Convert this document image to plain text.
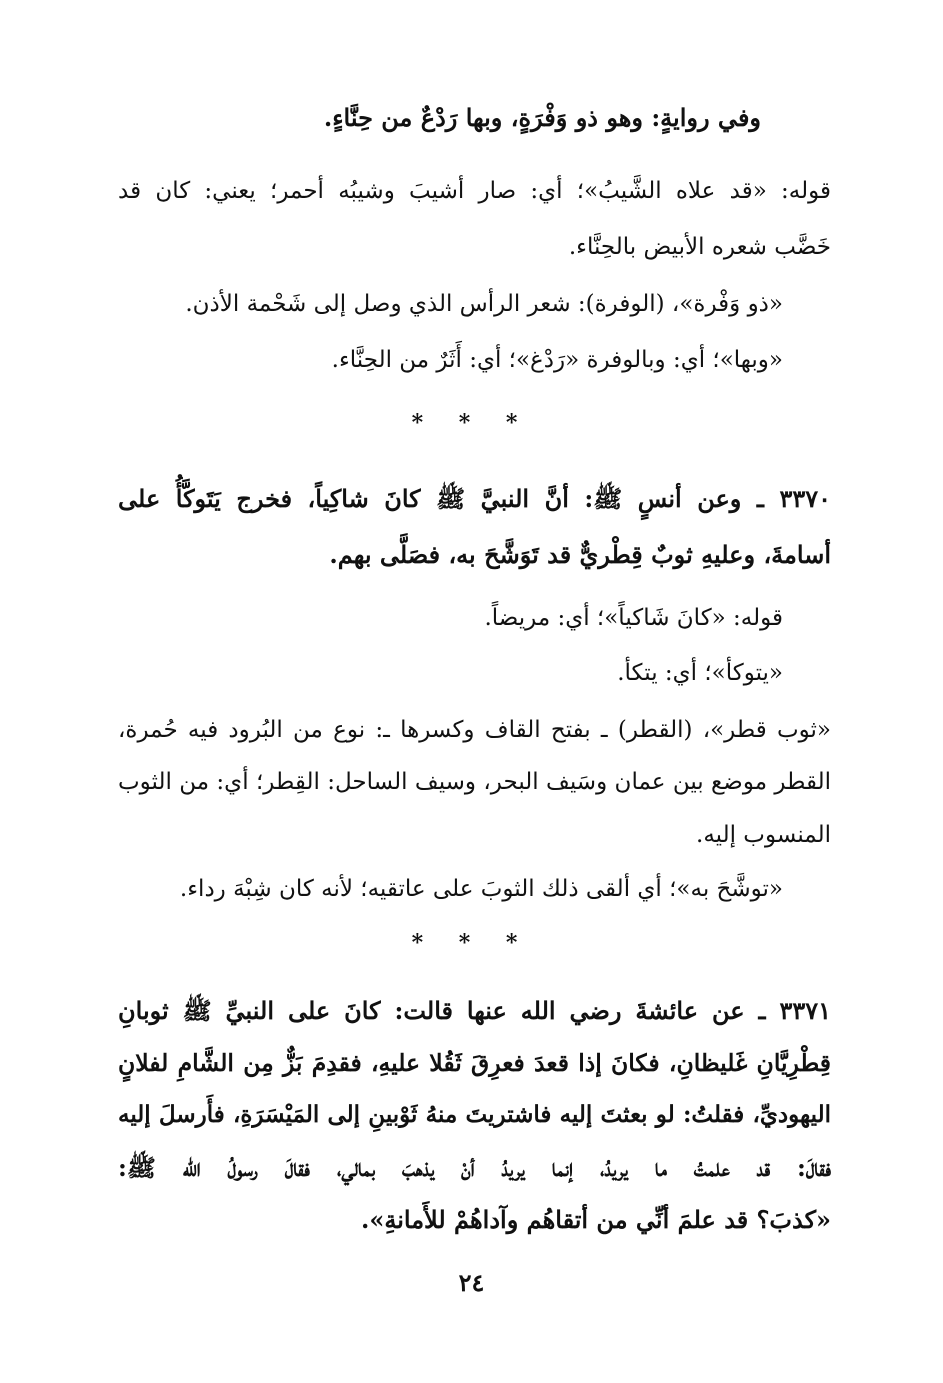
وفي روايةٍ: وهو ذو وَفْرَةٍ، وبها رَدْعٌ من حِنَّاءٍ.
قوله: «قد علاه الشَّيبُ»؛ أي: صار أشيبَ وشيبُه أحمر؛ يعني: كان قد
خَضَّب شعره الأبيض بالحِنَّاء.
«ذو وَفْرة»، (الوفرة): شعر الرأس الذي وصل إلى شَحْمة الأذن.
«وبها»؛ أي: وبالوفرة «رَدْغ»؛ أي: أَثَرٌ من الحِنَّاء.
* * *
٣٣٧٠ ـ وعن أنسٍ ﷺ: أنَّ النبيَّ ﷺ كانَ شاكِياً، فخرج يَتَوكَّأُ على
أسامةَ، وعليهِ ثوبٌ قِطْريٌّ قد تَوَشَّحَ به، فصَلَّى بهم.
قوله: «كانَ شَاكياً»؛ أي: مريضاً.
«يتوكأ»؛ أي: يتكأ.
«ثوب قطر»، (القطر) ـ بفتح القاف وكسرها ـ: نوع من البُرود فيه حُمرة،
القطر موضع بين عمان وسَيف البحر، وسيف الساحل: القِطر؛ أي: من الثوب
المنسوب إليه.
«توشَّحَ به»؛ أي ألقى ذلك الثوبَ على عاتقيه؛ لأنه كان شِبْهَ رداء.
* * *
٣٣٧١ ـ عن عائشةَ رضي الله عنها قالت: كانَ على النبيِّ ﷺ ثوبانِ
قِطْرِيَّانِ غَليظانِ، فكانَ إذا قعدَ فعرِقَ ثَقُلا عليهِ، فقدِمَ بَزٌّ مِن الشَّامِ لفلانٍ
اليهوديِّ، فقلتُ: لو بعثتَ إليه فاشتريتَ منهُ ثَوْبينِ إلى المَيْسَرَةِ، فأَرسلَ إليه
فقالَ: قد علمتُ ما يريدُ، إنما يريدُ أنْ يذهبَ بمالي، فقالَ رسولُ الله ﷺ:
«كذبَ؟ قد علمَ أنِّي من أتقاهُم وآداهُمْ للأَمانةِ».
٢٤
